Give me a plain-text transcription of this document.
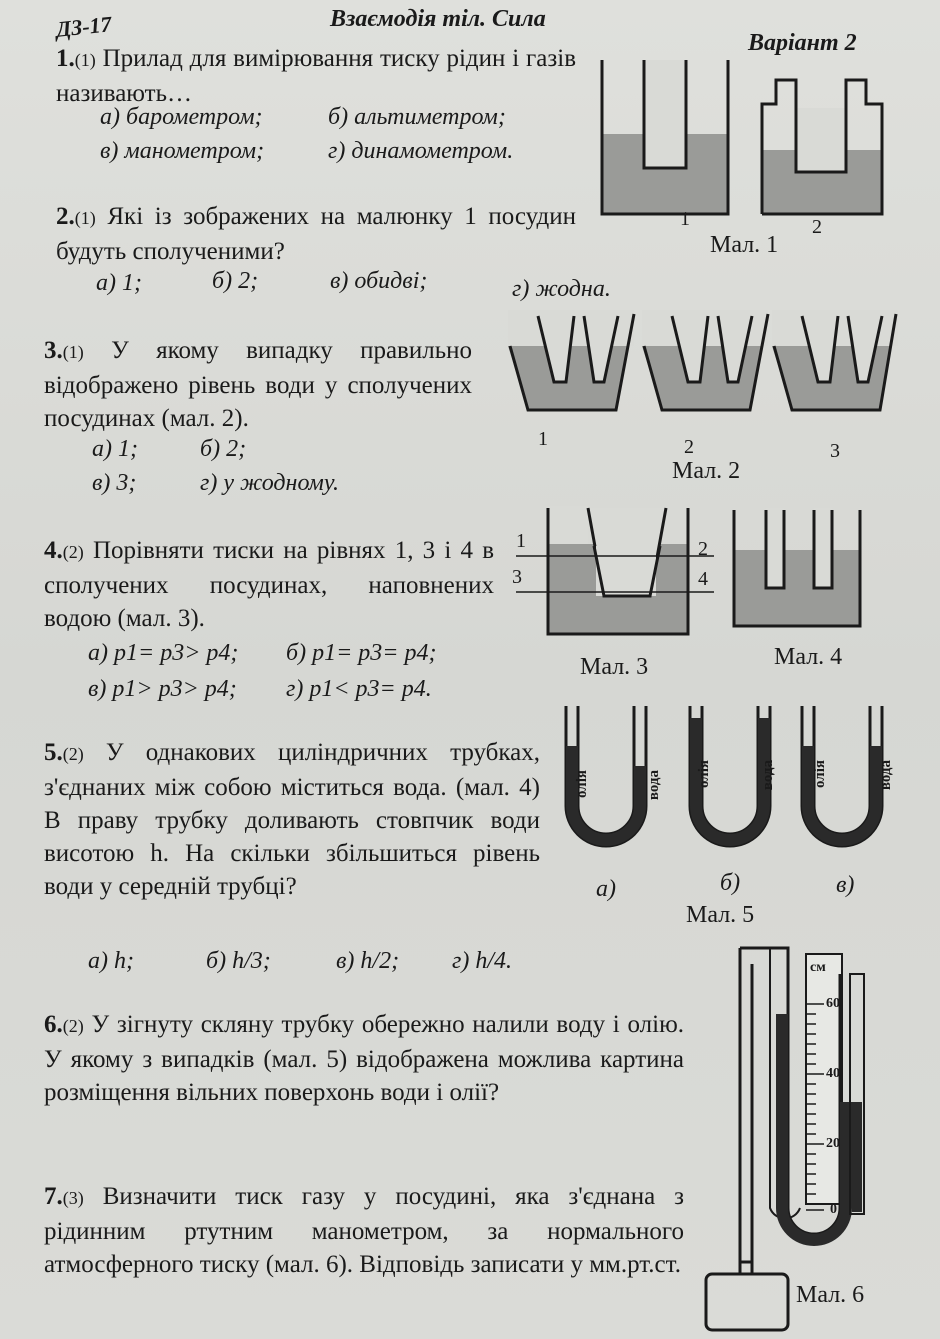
ДЗ-17	Взаємодія тіл. Сила
Варіант 2
1.(1) Прилад для вимірювання тиску рідин і газів називають…
а) барометром;	б) альтиметром;
в) манометром;	г) динамометром.
1	2
Мал. 1
2.(1) Які із зображених на малюнку 1 посудин будуть сполученими?
а) 1;	б) 2;	в) обидві;	г) жодна.
1	2	3
Мал. 2
3.(1) У якому випадку правильно відображено рівень води у сполучених посудинах (мал. 2).
а) 1;	б) 2;
в) 3;	г) у жодному.
1	2
3	4
Мал. 3	Мал. 4
4.(2) Порівняти тиски на рівнях 1, 3 і 4 в сполучених посудинах, наповнених водою (мал. 3).
а) p1= p3> p4; б) p1= p3= p4;
в) p1> p3> p4; г) p1< p3= p4.
5.(2) У однакових циліндричних трубках, з'єднаних між собою міститься вода. (мал. 4) В праву трубку доливають стовпчик води висотою h. На скільки збільшиться рівень води у середній трубці?
а) h;	б) h/3;	в) h/2; г) h/4.
олія	вода олія	вода олія	вода
а)	б)	в)
Мал. 5
6.(2) У зігнуту скляну трубку обережно налили воду і олію. У якому з випадків (мал. 5) відображена можлива картина розміщення вільних поверхонь води і олії?
7.(3) Визначити тиск газу у посудині, яка з'єднана з рідинним ртутним манометром, за нормального атмосферного тиску (мал. 6). Відповідь записати у мм.рт.ст.
см
60
40
20
0
Мал. 6
